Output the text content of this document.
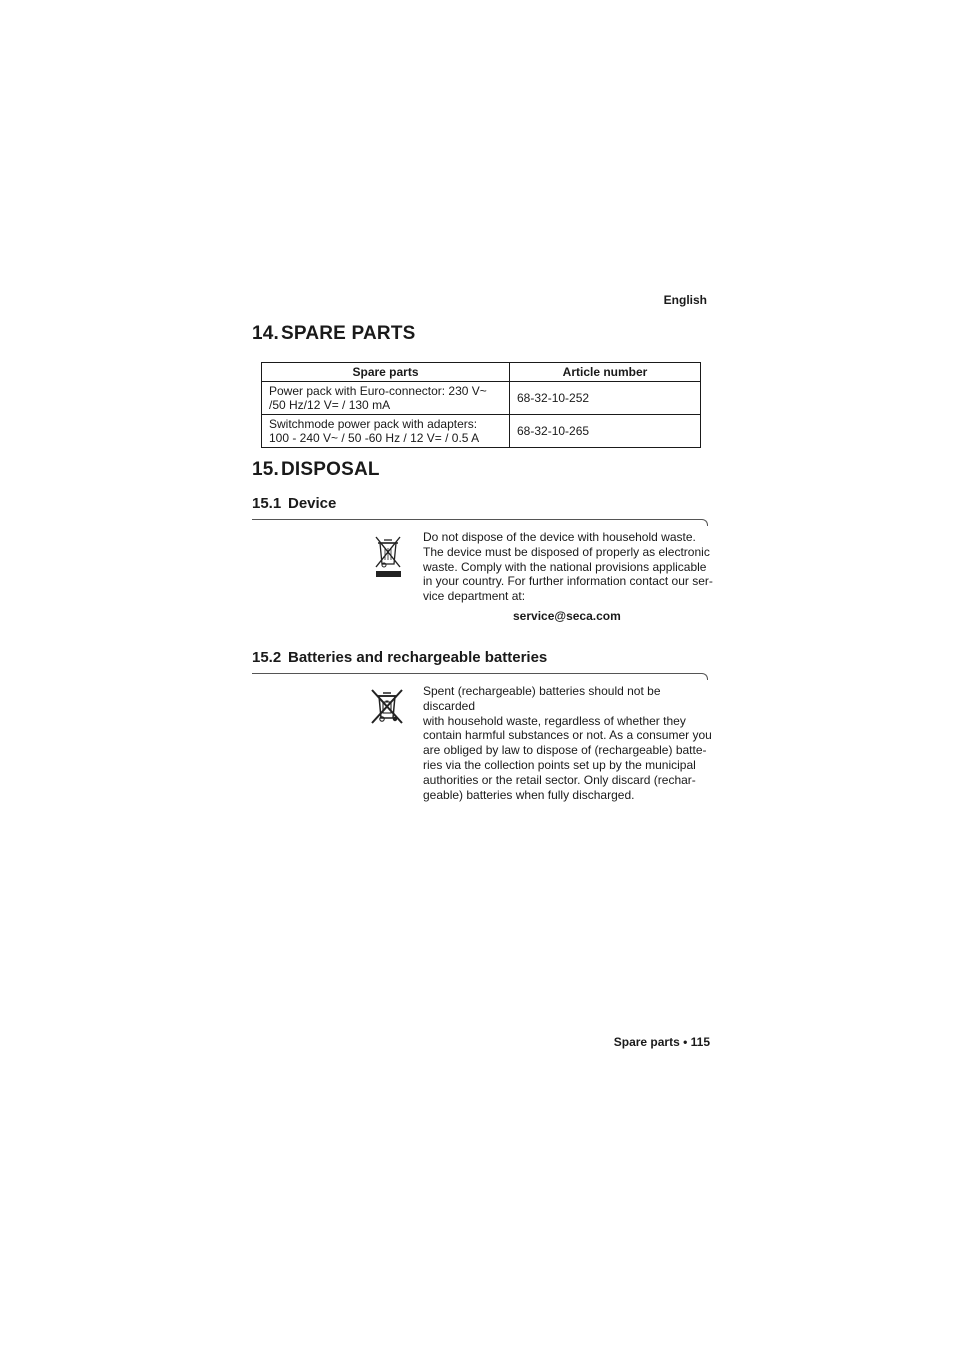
English
14. SPARE PARTS
Spare parts	Article number

Power pack with Euro-connector: 230 V~
/50 Hz/12 V= / 130 mA	68-32-10-252

Switchmode power pack with adapters:
100 - 240 V~ / 50 -60 Hz / 12 V= / 0.5 A	68-32-10-265
15. DISPOSAL
15.1 Device
Do not dispose of the device with household waste.
The device must be disposed of properly as electronic
waste. Comply with the national provisions applicable
in your country. For further information contact our ser-
vice department at:
service@seca.com
15.2 Batteries and rechargeable batteries
Spent (rechargeable) batteries should not be discarded
with household waste, regardless of whether they
contain harmful substances or not. As a consumer you
are obliged by law to dispose of (rechargeable) batte-
ries via the collection points set up by the municipal
authorities or the retail sector. Only discard (rechar-
geable) batteries when fully discharged.
Spare parts • 115
